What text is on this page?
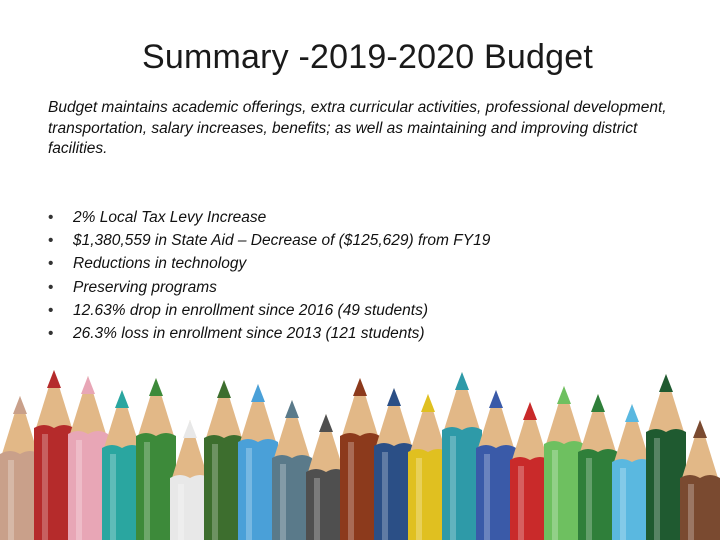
Summary -2019-2020 Budget
Budget maintains academic offerings, extra curricular activities, professional development, transportation, salary increases, benefits; as well as maintaining and improving district facilities.
• 2% Local Tax Levy Increase
• $1,380,559 in State Aid – Decrease of ($125,629) from FY19
• Reductions in technology
• Preserving programs
• 12.63% drop in enrollment since 2016 (49 students)
• 26.3% loss in enrollment since 2013 (121 students)
